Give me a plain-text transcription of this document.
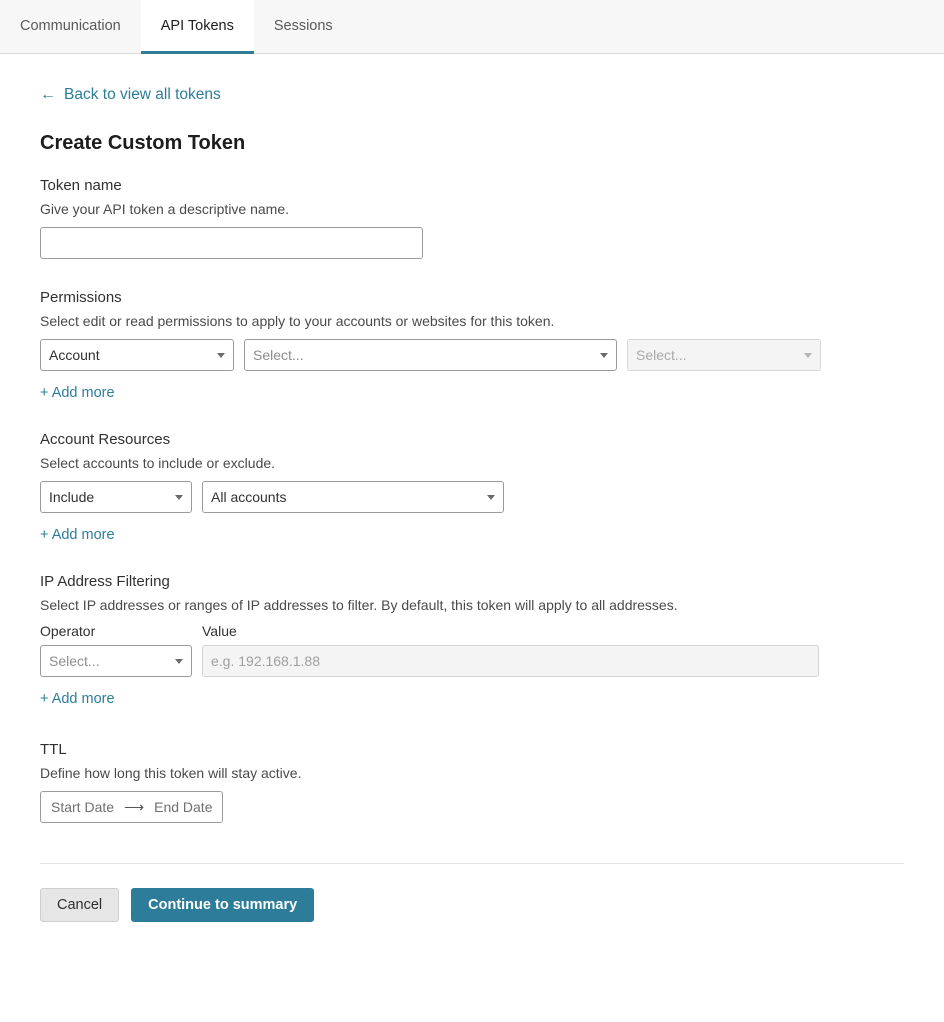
Communication	API Tokens	Sessions
← Back to view all tokens
Create Custom Token
Token name
Give your API token a descriptive name.
Permissions
Select edit or read permissions to apply to your accounts or websites for this token.
Account	Select...	Select...
+ Add more
Account Resources
Select accounts to include or exclude.
Include	All accounts
+ Add more
IP Address Filtering
Select IP addresses or ranges of IP addresses to filter. By default, this token will apply to all addresses.
Operator
Select...
Value
e.g. 192.168.1.88
+ Add more
TTL
Define how long this token will stay active.
Start Date ⟶ End Date
Cancel	Continue to summary
